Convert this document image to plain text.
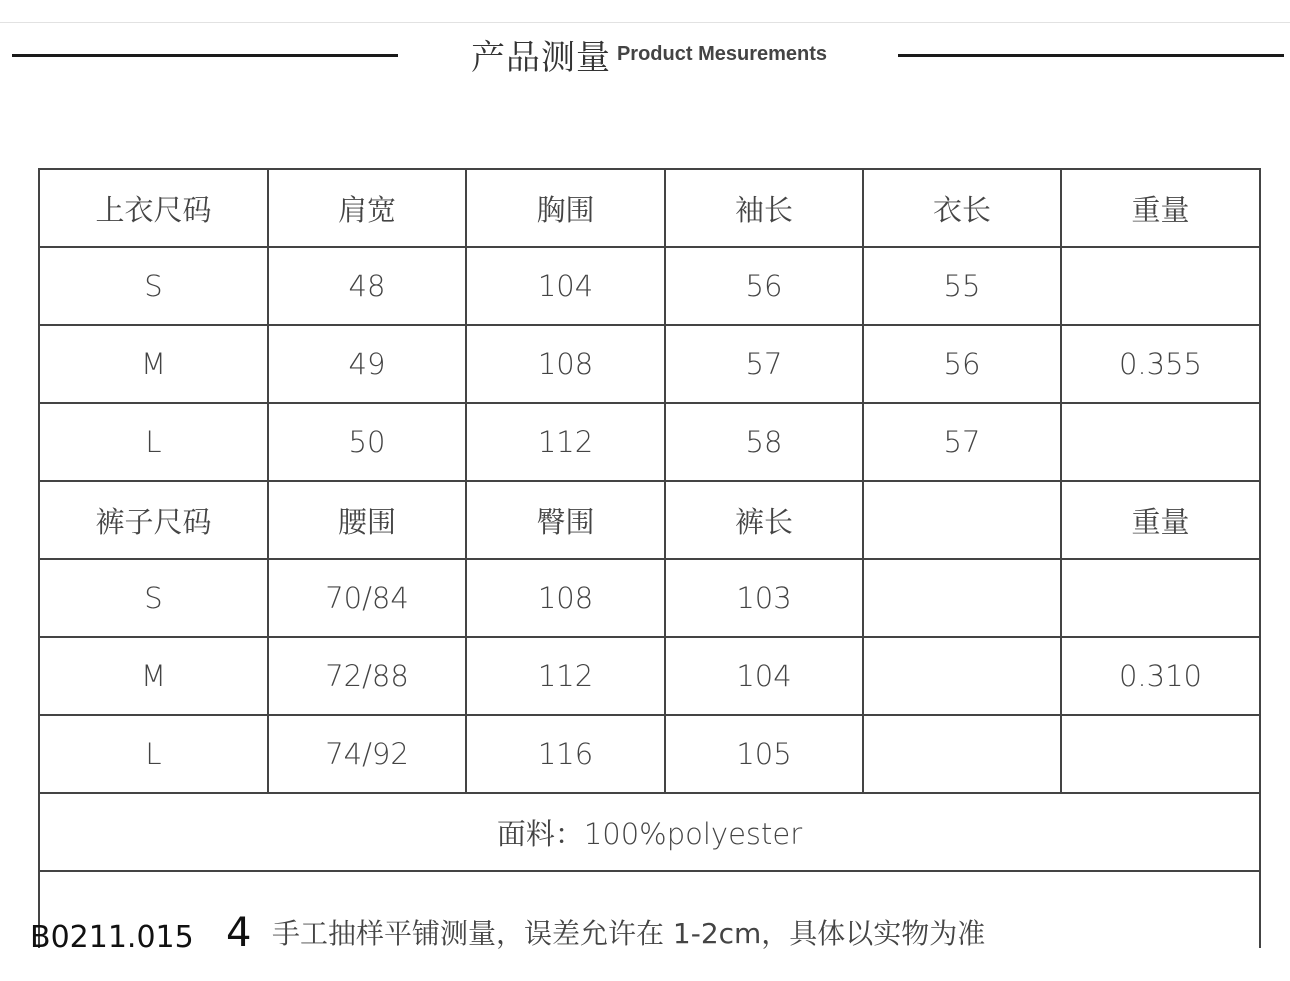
产品测量 Product Mesurements
上衣尺码	肩宽	胸围	袖长	衣长	重量
S	48	104	56	55	
M	49	108	57	56	0.355
L	50	112	58	57	
裤子尺码	腰围	臀围	裤长		重量
S	70/84	108	103		
M	72/88	112	104		0.310
L	74/92	116	105		
面料：100%polyester					

手工抽样平铺测量，误差允许在 1-2cm，具体以实物为准
B0211.015 4
